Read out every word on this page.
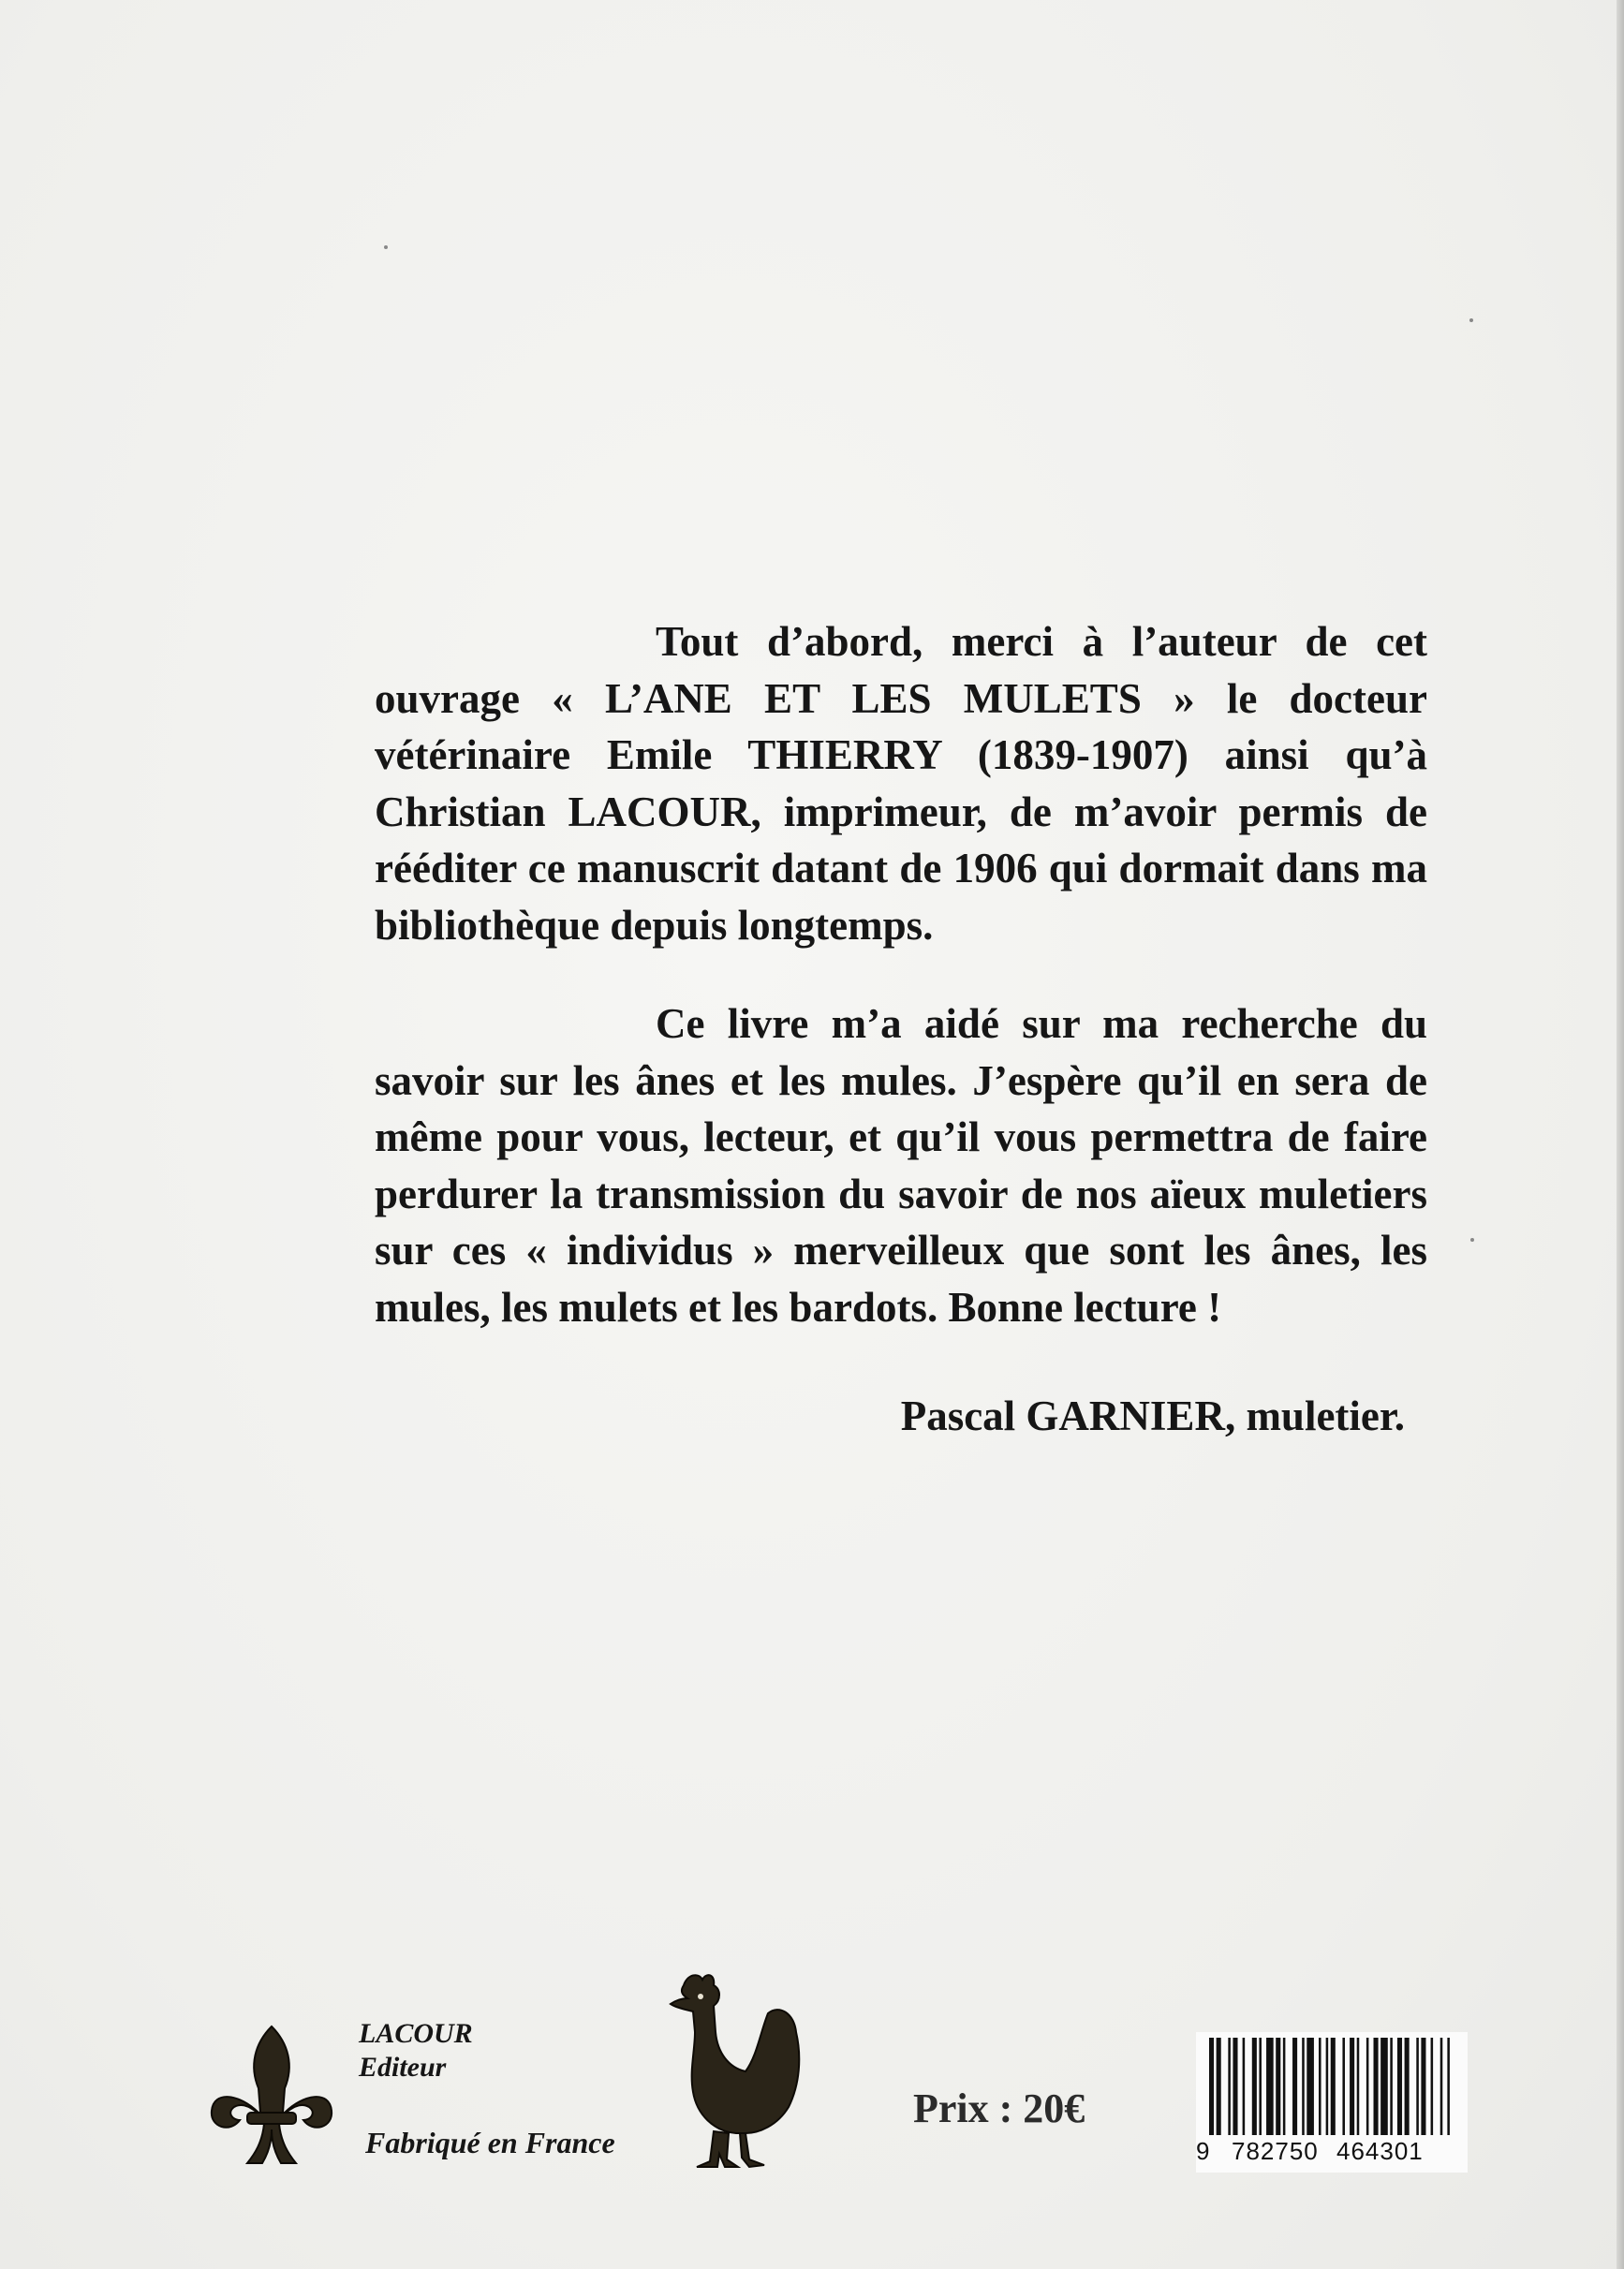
Tout d’abord, merci à l’auteur de cet ouvrage « L’ANE ET LES MULETS » le docteur vétérinaire Emile THIERRY (1839-1907) ainsi qu’à Christian LACOUR, imprimeur, de m’avoir permis de rééditer ce manuscrit datant de 1906 qui dormait dans ma bibliothèque depuis longtemps.

Ce livre m’a aidé sur ma recherche du savoir sur les ânes et les mules. J’espère qu’il en sera de même pour vous, lecteur, et qu’il vous permettra de faire perdurer la transmission du savoir de nos aïeux muletiers sur ces « individus » merveilleux que sont les ânes, les mules, les mulets et les bardots. Bonne lecture !

Pascal GARNIER, muletier.
LACOUR
Editeur
Fabriqué en France
Prix : 20€
9 782750 464301
